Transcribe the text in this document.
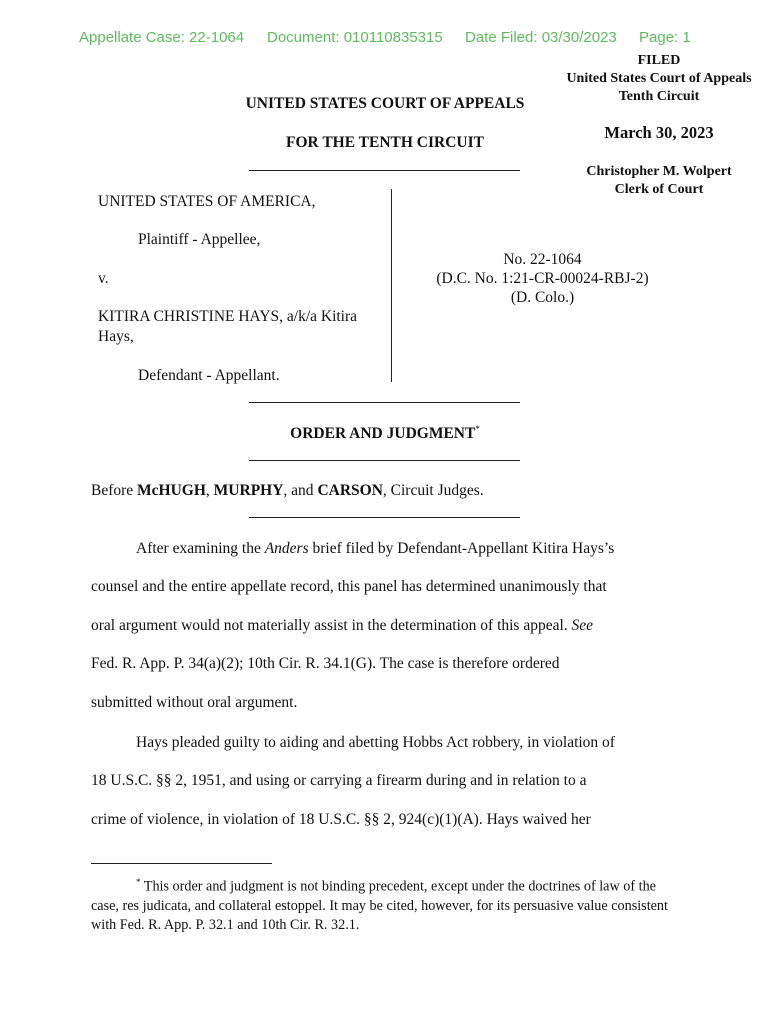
Appellate Case: 22-1064 Document: 010110835315 Date Filed: 03/30/2023 Page: 1
FILED
United States Court of Appeals
Tenth Circuit
March 30, 2023
Christopher M. Wolpert
Clerk of Court
UNITED STATES COURT OF APPEALS
FOR THE TENTH CIRCUIT
UNITED STATES OF AMERICA,
Plaintiff - Appellee,
v.
KITIRA CHRISTINE HAYS, a/k/a Kitira
Hays,
Defendant - Appellant.
No. 22-1064
(D.C. No. 1:21-CR-00024-RBJ-2)
(D. Colo.)
ORDER AND JUDGMENT*
Before McHUGH, MURPHY, and CARSON, Circuit Judges.
After examining the Anders brief filed by Defendant-Appellant Kitira Hays’s
counsel and the entire appellate record, this panel has determined unanimously that
oral argument would not materially assist in the determination of this appeal. See
Fed. R. App. P. 34(a)(2); 10th Cir. R. 34.1(G). The case is therefore ordered
submitted without oral argument.
Hays pleaded guilty to aiding and abetting Hobbs Act robbery, in violation of
18 U.S.C. §§ 2, 1951, and using or carrying a firearm during and in relation to a
crime of violence, in violation of 18 U.S.C. §§ 2, 924(c)(1)(A). Hays waived her
* This order and judgment is not binding precedent, except under the doctrines of law of the case, res judicata, and collateral estoppel. It may be cited, however, for its persuasive value consistent with Fed. R. App. P. 32.1 and 10th Cir. R. 32.1.
